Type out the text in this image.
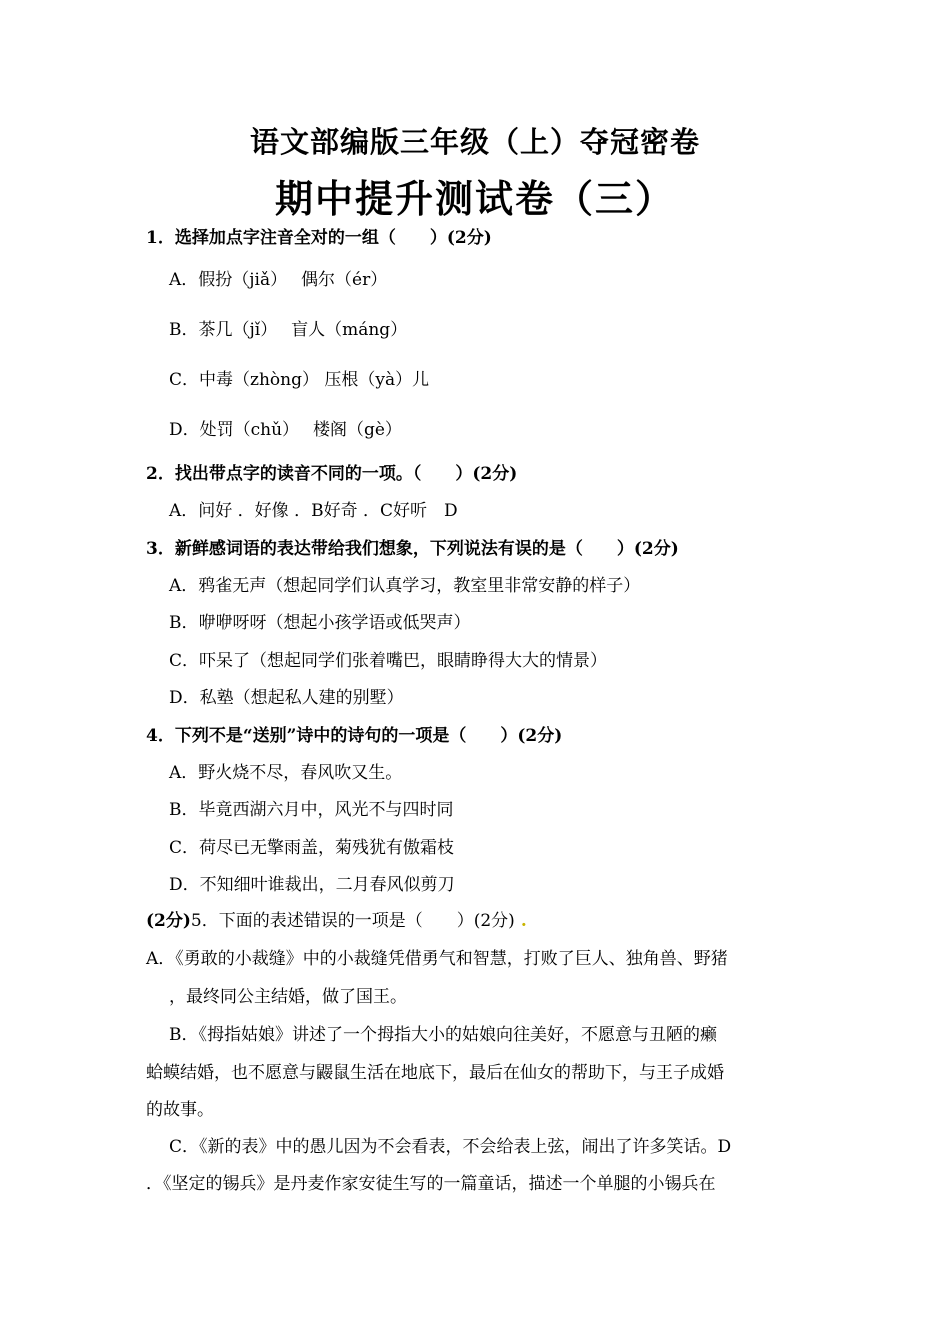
语文部编版三年级（上）夺冠密卷
期中提升测试卷（三）
1．选择加点字注音全对的一组（　　）(2分)
A．假扮（jiǎ）　 偶尔（ér）
B．茶几（jǐ）　 盲人（máng）
C．中毒（zhòng） 压根（yà）儿
D．处罚（chǔ）　 楼阁（gè）
2．找出带点字的读音不同的一项。（　　）(2分)
A．问好 ．好像 ．B好奇 ．C好听　D
3．新鲜感词语的表达带给我们想象，下列说法有误的是（　　）(2分)
A．鸦雀无声（想起同学们认真学习，教室里非常安静的样子）
B．咿咿呀呀（想起小孩学语或低哭声）
C．吓呆了（想起同学们张着嘴巴，眼睛睁得大大的情景）
D．私塾（想起私人建的别墅）
4．下列不是“送别”诗中的诗句的一项是（　　）(2分)
A．野火烧不尽，春风吹又生。
B．毕竟西湖六月中，风光不与四时同
C．荷尽已无擎雨盖，菊残犹有傲霜枝
D．不知细叶谁裁出，二月春风似剪刀
(2分)5．下面的表述错误的一项是（　　）(2分) .
A．《勇敢的小裁缝》中的小裁缝凭借勇气和智慧，打败了巨人、独角兽、野猪
，最终同公主结婚，做了国王。
B．《拇指姑娘》讲述了一个拇指大小的姑娘向往美好，不愿意与丑陋的癞
蛤蟆结婚，也不愿意与鼹鼠生活在地底下，最后在仙女的帮助下，与王子成婚
的故事。
C．《新的表》中的愚儿因为不会看表，不会给表上弦，闹出了许多笑话。D
．《坚定的锡兵》是丹麦作家安徒生写的一篇童话，描述一个单腿的小锡兵在
